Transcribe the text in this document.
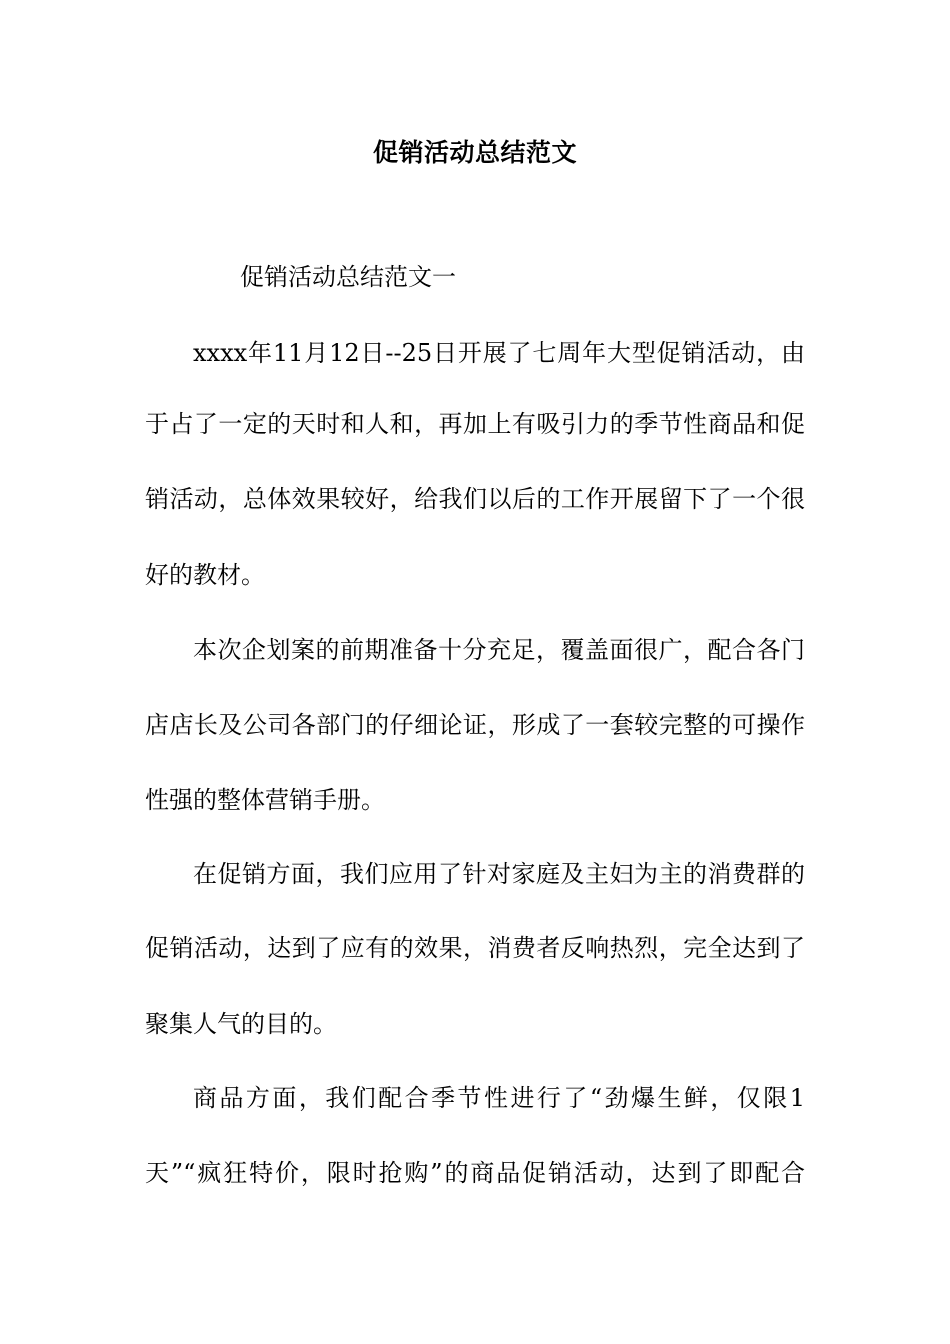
促销活动总结范文
促销活动总结范文一
xxxx年11月12日--25日开展了七周年大型促销活动，由
于占了一定的天时和人和，再加上有吸引力的季节性商品和促
销活动，总体效果较好，给我们以后的工作开展留下了一个很
好的教材。
本次企划案的前期准备十分充足，覆盖面很广，配合各门
店店长及公司各部门的仔细论证，形成了一套较完整的可操作
性强的整体营销手册。
在促销方面，我们应用了针对家庭及主妇为主的消费群的
促销活动，达到了应有的效果，消费者反响热烈，完全达到了
聚集人气的目的。
商品方面，我们配合季节性进行了“劲爆生鲜，仅限1
天”“疯狂特价，限时抢购”的商品促销活动，达到了即配合
